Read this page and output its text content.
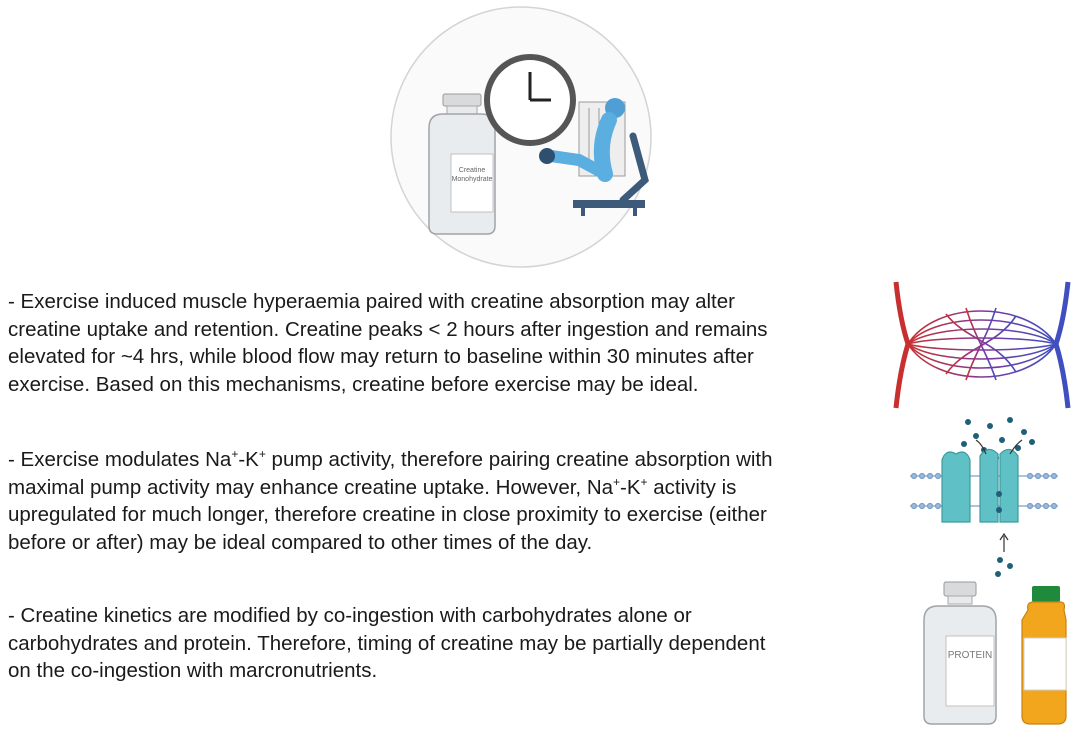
Creatine Monohydrate

- Exercise induced muscle hyperaemia paired with creatine absorption may alter
creatine uptake and retention. Creatine peaks < 2 hours after ingestion and remains
elevated for ~4 hrs, while blood flow may return to baseline within 30 minutes after
exercise. Based on this mechanisms, creatine before exercise may be ideal.

- Exercise modulates Na+-K+ pump activity, therefore pairing creatine absorption with
maximal pump activity may enhance creatine uptake. However, Na+-K+ activity is
upregulated for much longer, therefore creatine in close proximity to exercise (either
before or after) may be ideal compared to other times of the day.

- Creatine kinetics are modified by co-ingestion with carbohydrates alone or
carbohydrates and protein. Therefore, timing of creatine may be partially dependent
on the co-ingestion with marcronutrients.

PROTEIN
